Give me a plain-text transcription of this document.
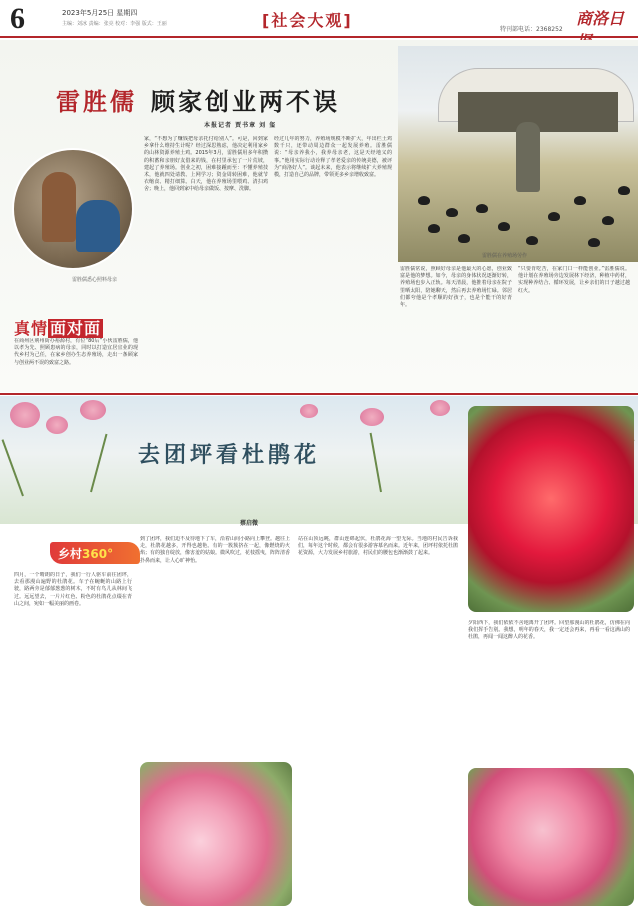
6	2023年5月25日 星期四
主编：刘冰 责编：张亮 校对：李强 版式：王丽	[社会大观]	特刊部电话：2368252
商洛日
雷胜儒在养殖场劳作
雷胜儒 顾家创业两不误
本报记者 贾书章 刘 玺
雷胜儒悉心照料母亲
真情 面对面
在商州区荆州街办裕源村，有位“80后”小伙雷胜儒，他以孝为先、照顾患病的母亲，同时以打造宜居宜业的现代乡村为己任，在家乡创办生态养殖场，走出一条顾家与创业两不误的致富之路。
家，“不想为了赚钱把母亲托付给别人”。可是，回到家乡拿什么维持生计呢？经过深思熟虑，他决定利用家乡的山林资源养殖土鸡。2015年3月，雷胜儒用多年积攒的积蓄和亲朋好友借来的钱，在村里承包了一片荒坡，建起了养殖场。创业之初，困难接踵而至：不懂养殖技术，他就四处请教、上网学习；资金周转困难，他就节衣缩食、精打细算。白天，他在养殖场里喂鸡、清扫鸡舍；晚上，他回到家中给母亲做饭、按摩、洗脚。
经过几年的努力，养殖场规模不断扩大，年出栏土鸡数千只，还带动周边群众一起发展养殖。雷胜儒说：“母亲养我小，我养母亲老，这是天经地义的事。”他用实际行动诠释了孝老爱亲的传统美德，被评为“商洛好人”。谈起未来，他表示将继续扩大养殖规模，打造自己的品牌，带领更多乡亲增收致富。
雷胜儒常说，照顾好母亲是他最大的心愿，创业致富是他的梦想。如今，母亲的身体状况逐渐好转，养殖场也步入正轨。每天清晨，他推着母亲在院子里晒太阳，陪她聊天，然后再去养殖场忙碌。邻居们都夸他是个孝顺的好孩子，也是个能干的好青年。
“只要肯吃苦，在家门口一样能创业。”雷胜儒说。他计划在养殖场旁边发展林下经济，种植中药材，实现种养结合、循环发展，让乡亲们的日子越过越红火。
去团坪看杜鹃花
蔡启微
乡村360°
四月，一个晴朗的日子，我们一行人驱车前往团坪，去看那漫山遍野的杜鹃花。车子在蜿蜒的山路上行驶，路两旁是郁郁葱葱的树木，不时有鸟儿从林间飞过。远远望去，一片片红色、粉色的杜鹃花点缀在青山之间，宛如一幅美丽的画卷。
到了团坪，我们迫不及待地下了车，沿着山间小路向上攀登。越往上走，杜鹃花越多，开得也越艳。有的一簇簇挤在一起，像燃烧的火焰；有的独自绽放，像害羞的姑娘。微风吹过，花枝摇曳，阵阵清香扑鼻而来，让人心旷神怡。
站在山顶远眺，群山连绵起伏，杜鹃花海一望无际。当地的村民告诉我们，每年这个时候，都会有很多游客慕名而来。近年来，团坪村依托杜鹃花资源，大力发展乡村旅游，村民们的腰包也渐渐鼓了起来。
夕阳西下，我们依依不舍地离开了团坪。回望那漫山的杜鹃花，仿佛在向我们挥手告别。我想，明年的春天，我一定还会再来，再看一看这满山的杜鹃，再闻一闻这醉人的花香。
